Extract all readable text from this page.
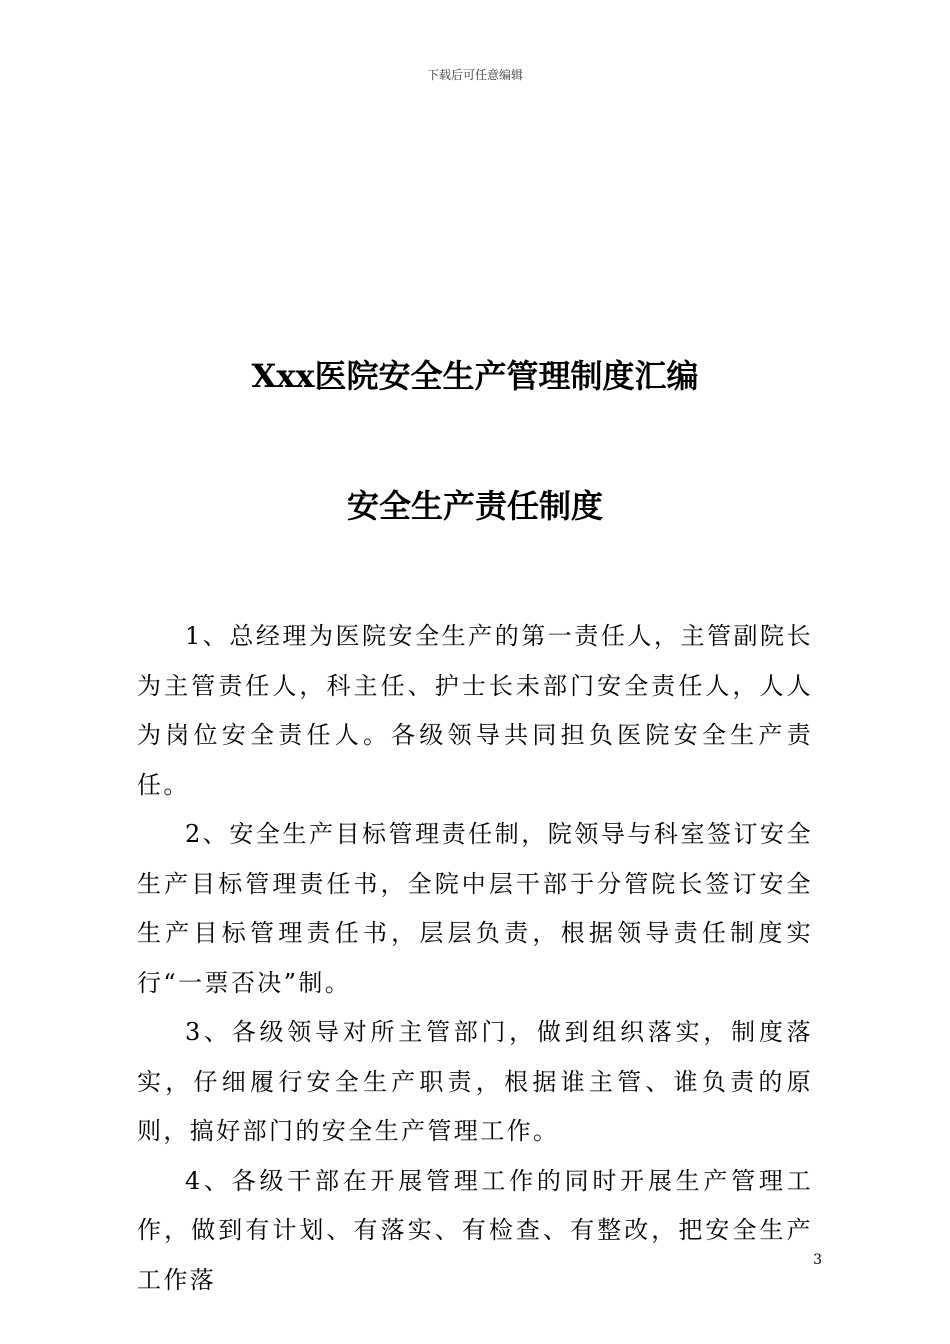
下载后可任意编辑
Xxx医院安全生产管理制度汇编
安全生产责任制度

1、总经理为医院安全生产的第一责任人，主管副院长为主管责任人，科主任、护士长未部门安全责任人，人人为岗位安全责任人。各级领导共同担负医院安全生产责任。

2、安全生产目标管理责任制，院领导与科室签订安全生产目标管理责任书，全院中层干部于分管院长签订安全生产目标管理责任书，层层负责，根据领导责任制度实行“一票否决”制。

3、各级领导对所主管部门，做到组织落实，制度落实，仔细履行安全生产职责，根据谁主管、谁负责的原则，搞好部门的安全生产管理工作。

4、各级干部在开展管理工作的同时开展生产管理工作，做到有计划、有落实、有检查、有整改，把安全生产工作落

3
